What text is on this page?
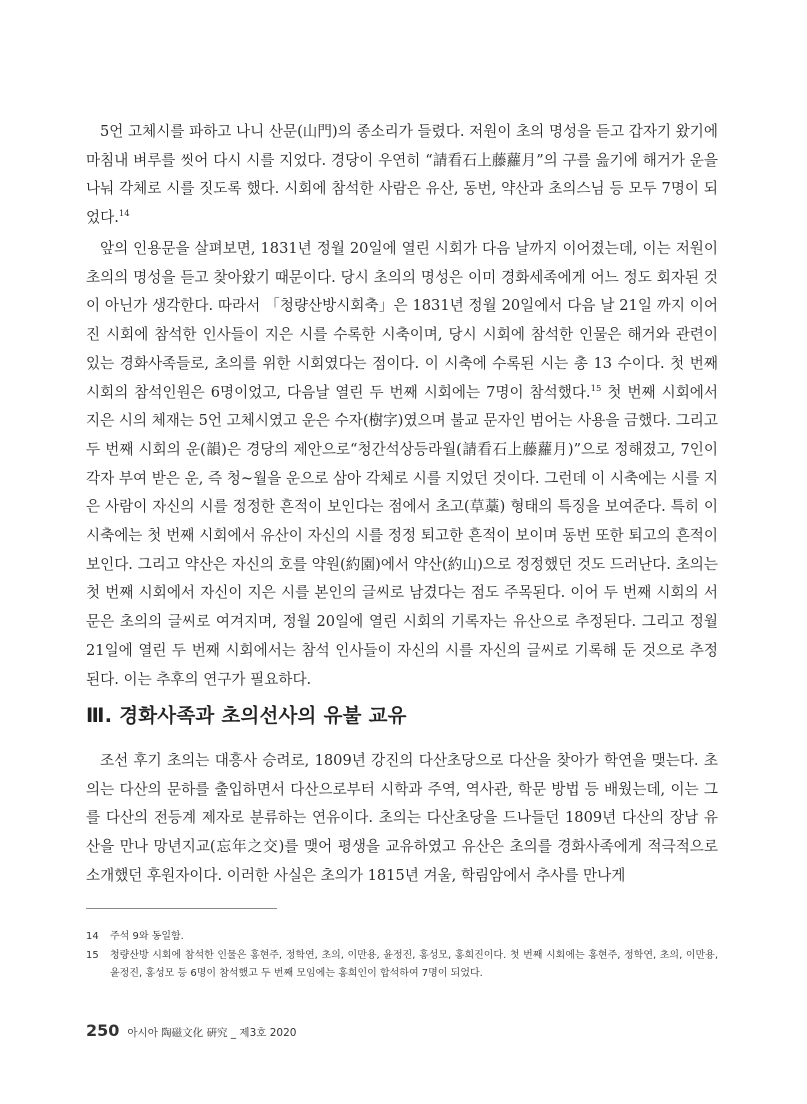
5언 고체시를 파하고 나니 산문(山門)의 종소리가 들렸다. 저원이 초의 명성을 듣고 갑자기 왔기에 마침내 벼루를 씻어 다시 시를 지었다. 경당이 우연히 “請看石上藤蘿月”의 구를 읊기에 해거가 운을 나눠 각체로 시를 짓도록 했다. 시회에 참석한 사람은 유산, 동번, 약산과 초의스님 등 모두 7명이 되었다.$^{14}$

앞의 인용문을 살펴보면, 1831년 정월 20일에 열린 시회가 다음 날까지 이어졌는데, 이는 저원이 초의의 명성을 듣고 찾아왔기 때문이다. 당시 초의의 명성은 이미 경화세족에게 어느 정도 회자된 것이 아닌가 생각한다. 따라서 「청량산방시회축」은 1831년 정월 20일에서 다음 날 21일 까지 이어진 시회에 참석한 인사들이 지은 시를 수록한 시축이며, 당시 시회에 참석한 인물은 해거와 관련이 있는 경화사족들로, 초의를 위한 시회였다는 점이다. 이 시축에 수록된 시는 총 13 수이다. 첫 번째 시회의 참석인원은 6명이었고, 다음날 열린 두 번째 시회에는 7명이 참석했다.$^{15}$ 첫 번째 시회에서 지은 시의 체재는 5언 고체시였고 운은 수자(樹字)였으며 불교 문자인 범어는 사용을 금했다. 그리고 두 번째 시회의 운(韻)은 경당의 제안으로“청간석상등라월(請看石上藤蘿月)”으로 정해졌고, 7인이 각자 부여 받은 운, 즉 청~월을 운으로 삼아 각체로 시를 지었던 것이다. 그런데 이 시축에는 시를 지은 사람이 자신의 시를 정정한 흔적이 보인다는 점에서 초고(草藁) 형태의 특징을 보여준다. 특히 이 시축에는 첫 번째 시회에서 유산이 자신의 시를 정정 퇴고한 흔적이 보이며 동번 또한 퇴고의 흔적이 보인다. 그리고 약산은 자신의 호를 약원(約園)에서 약산(約山)으로 정정했던 것도 드러난다. 초의는 첫 번째 시회에서 자신이 지은 시를 본인의 글씨로 남겼다는 점도 주목된다. 이어 두 번째 시회의 서문은 초의의 글씨로 여겨지며, 정월 20일에 열린 시회의 기록자는 유산으로 추정된다. 그리고 정월 21일에 열린 두 번째 시회에서는 참석 인사들이 자신의 시를 자신의 글씨로 기록해 둔 것으로 추정된다. 이는 추후의 연구가 필요하다.

Ⅲ. 경화사족과 초의선사의 유불 교유

조선 후기 초의는 대흥사 승려로, 1809년 강진의 다산초당으로 다산을 찾아가 학연을 맺는다. 초의는 다산의 문하를 출입하면서 다산으로부터 시학과 주역, 역사관, 학문 방법 등 배웠는데, 이는 그를 다산의 전등계 제자로 분류하는 연유이다. 초의는 다산초당을 드나들던 1809년 다산의 장남 유산을 만나 망년지교(忘年之交)를 맺어 평생을 교유하였고 유산은 초의를 경화사족에게 적극적으로 소개했던 후원자이다. 이러한 사실은 초의가 1815년 겨울, 학림암에서 추사를 만나게

14	주석 9와 동일함.
15	청량산방 시회에 참석한 인물은 홍현주, 정학연, 초의, 이만용, 윤정진, 홍성모, 홍희진이다. 첫 번째 시회에는 홍현주, 정학연, 초의, 이만용, 윤정진, 홍성모 등 6명이 참석했고 두 번째 모임에는 홍희인이 합석하여 7명이 되었다.
250 아시아 陶磁文化 硏究 _ 제3호 2020
